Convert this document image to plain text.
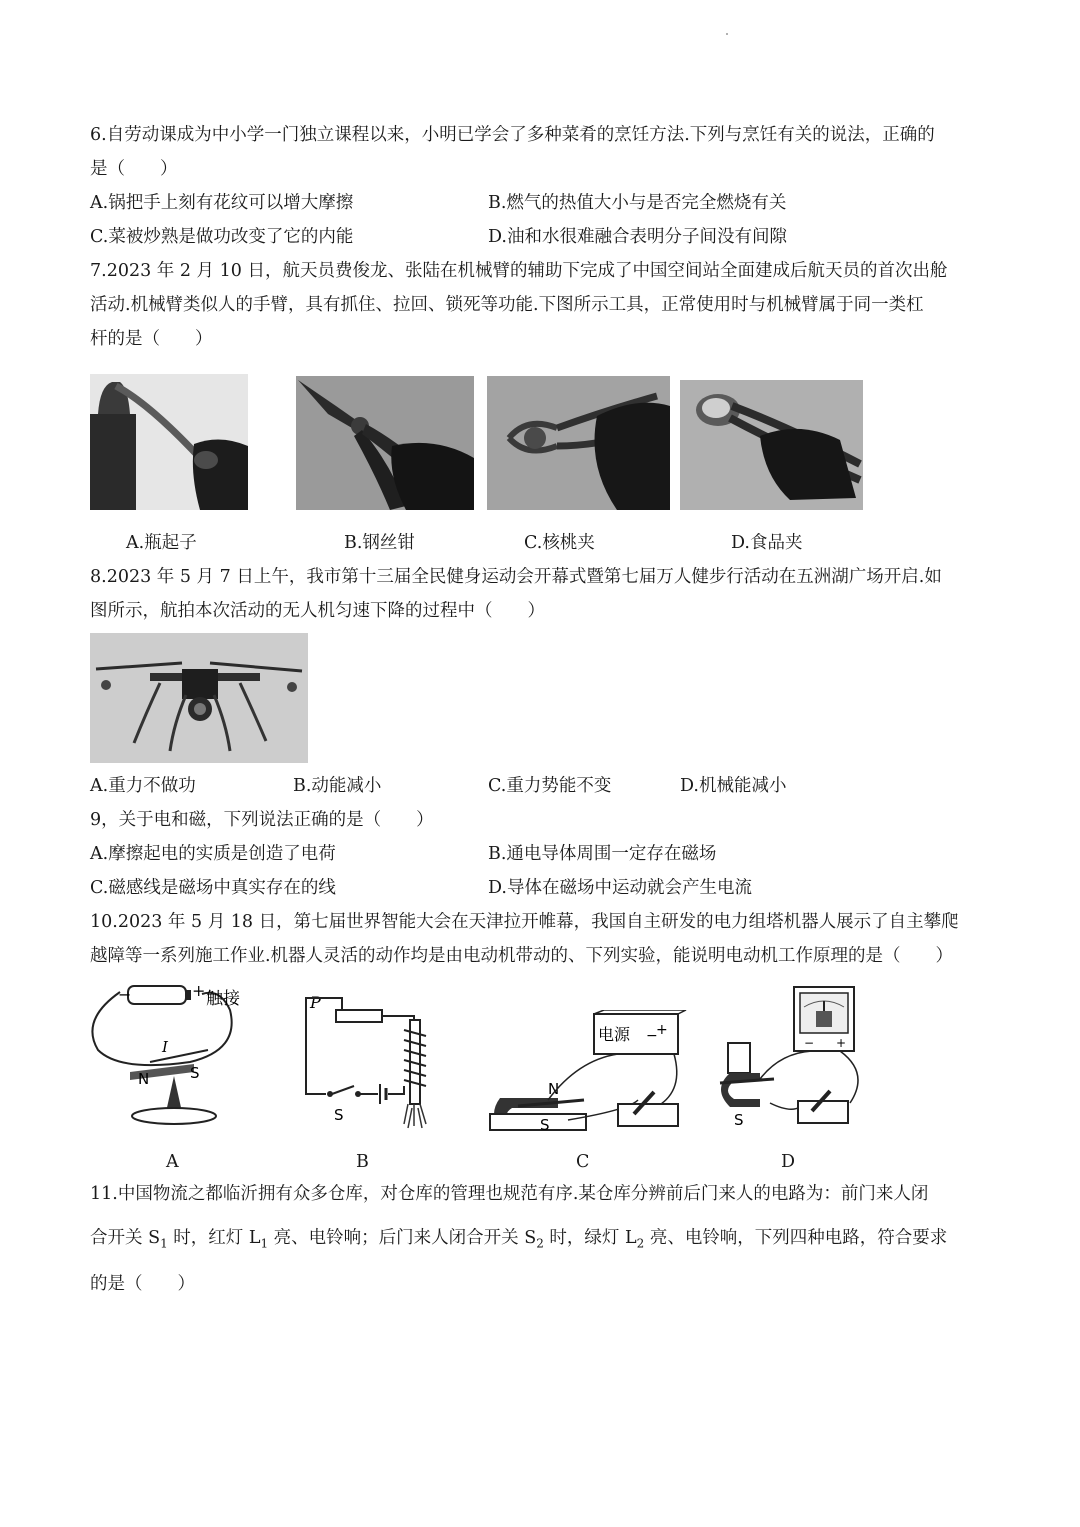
6.自劳动课成为中小学一门独立课程以来，小明已学会了多种菜肴的烹饪方法.下列与烹饪有关的说法，正确的
是（　　）
A.锅把手上刻有花纹可以增大摩擦	B.燃气的热值大小与是否完全燃烧有关
C.菜被炒熟是做功改变了它的内能	D.油和水很难融合表明分子间没有间隙
7.2023 年 2 月 10 日，航天员费俊龙、张陆在机械臂的辅助下完成了中国空间站全面建成后航天员的首次出舱
活动.机械臂类似人的手臂，具有抓住、拉回、锁死等功能.下图所示工具，正常使用时与机械臂属于同一类杠
杆的是（　　）
A.瓶起子	B.钢丝钳	C.核桃夹	D.食品夹
8.2023 年 5 月 7 日上午，我市第十三届全民健身运动会开幕式暨第七届万人健步行活动在五洲湖广场开启.如
图所示，航拍本次活动的无人机匀速下降的过程中（　　）
A.重力不做功	B.动能减小	C.重力势能不变	D.机械能减小
9，关于电和磁，下列说法正确的是（　　）
A.摩擦起电的实质是创造了电荷	B.通电导体周围一定存在磁场
C.磁感线是磁场中真实存在的线	D.导体在磁场中运动就会产生电流
10.2023 年 5 月 18 日，第七届世界智能大会在天津拉开帷幕，我国自主研发的电力组塔机器人展示了自主攀爬
越障等一系列施工作业.机器人灵活的动作均是由电动机带动的、下列实验，能说明电动机工作原理的是（　　）
−	+ 触接
I
N	S
P
S
电源 −
+
N
S
− +
S
A	B	C	D
11.中国物流之都临沂拥有众多仓库，对仓库的管理也规范有序.某仓库分辨前后门来人的电路为：前门来人闭
合开关 $S_1$ 时，红灯 $L_1$ 亮、电铃响；后门来人闭合开关 $S_2$ 时，绿灯 $L_2$ 亮、电铃响，下列四种电路，符合要求
的是（　　）
